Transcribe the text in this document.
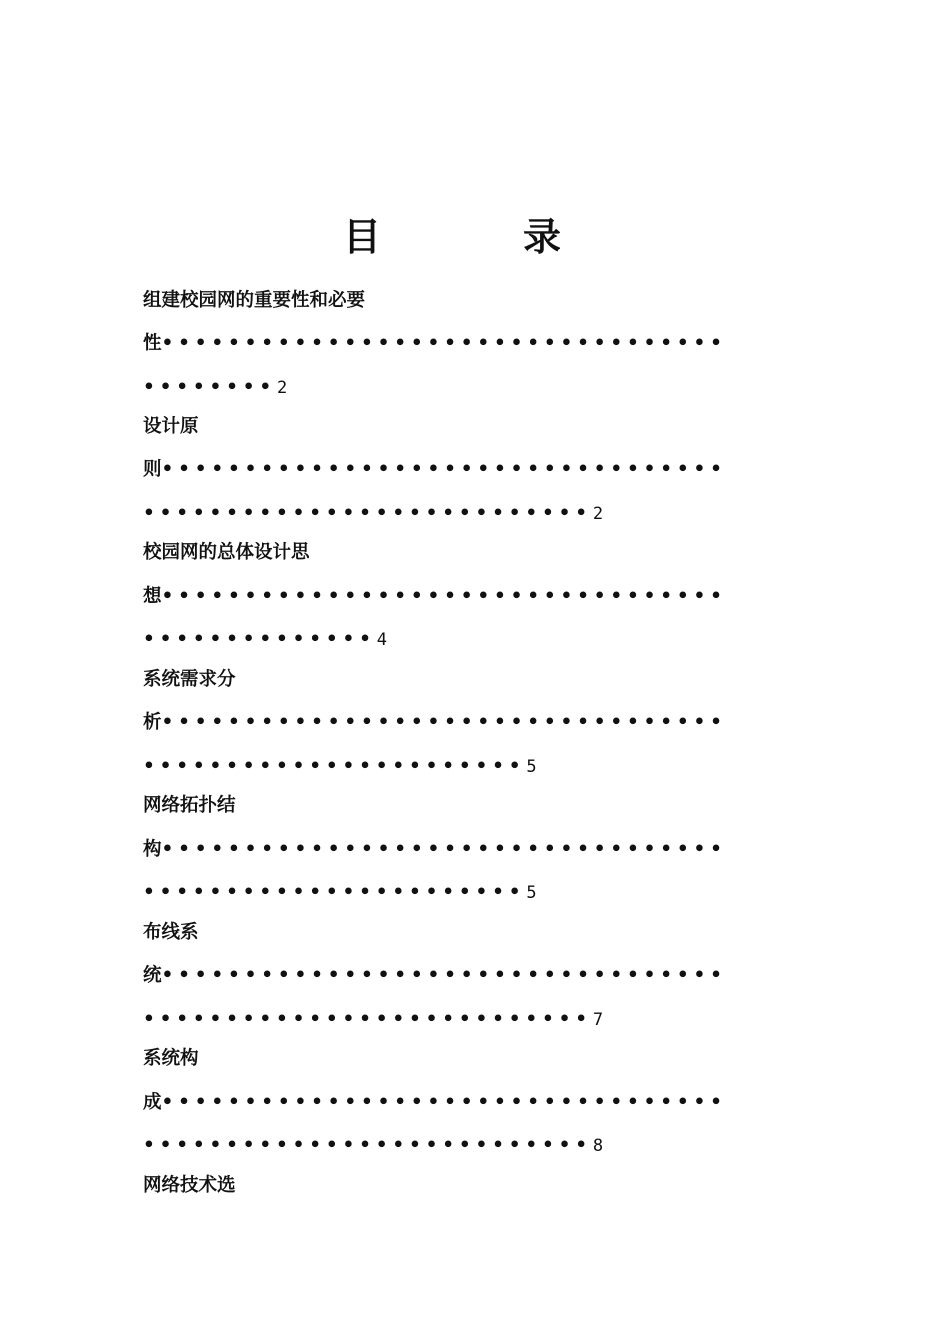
目　录
组建校园网的重要性和必要
性••••••••••••••••••••••••••••••••••
••••••••2
设计原
则••••••••••••••••••••••••••••••••••
•••••••••••••••••••••••••••2
校园网的总体设计思
想••••••••••••••••••••••••••••••••••
••••••••••••••4
系统需求分
析••••••••••••••••••••••••••••••••••
•••••••••••••••••••••••5
网络拓扑结
构••••••••••••••••••••••••••••••••••
•••••••••••••••••••••••5
布线系
统••••••••••••••••••••••••••••••••••
•••••••••••••••••••••••••••7
系统构
成••••••••••••••••••••••••••••••••••
•••••••••••••••••••••••••••8
网络技术选
